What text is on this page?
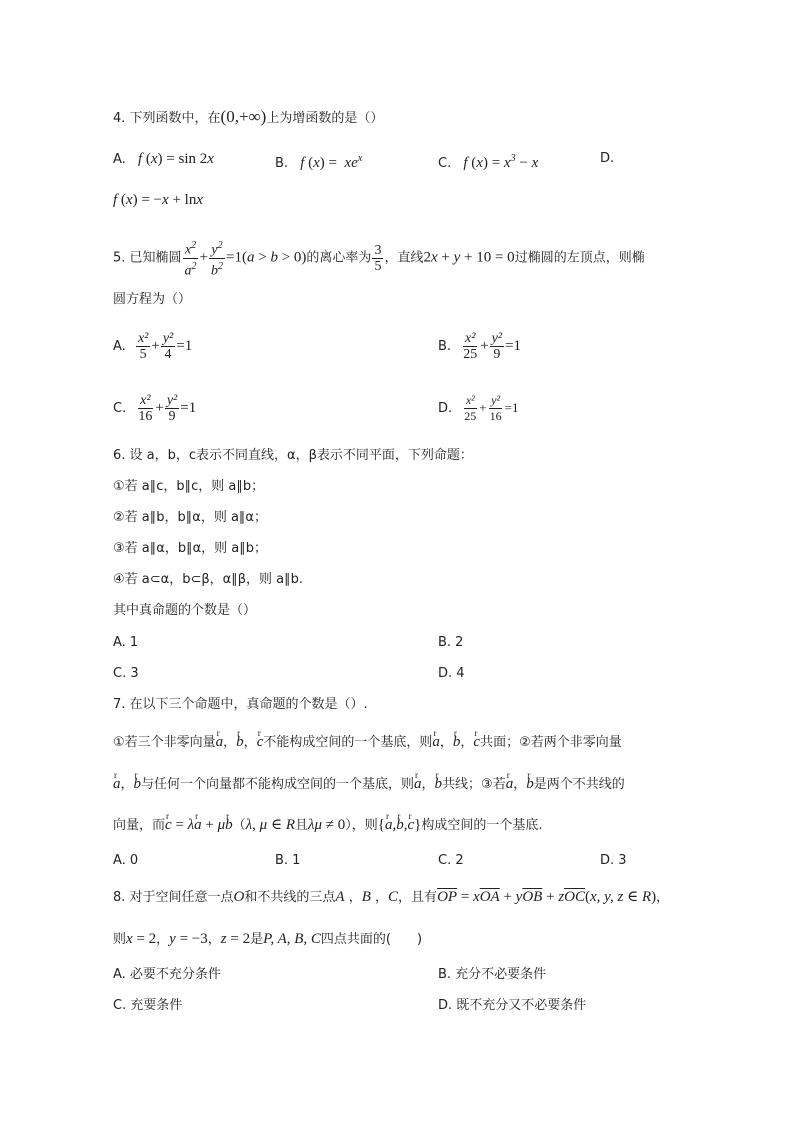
4. 下列函数中，在(0,+∞)上为增函数的是（）
A. f (x) = sin 2x	B. f $(x) = xe^x$	C. f $(x) = x^3 - x$	D.
f (x) = −x + lnx
5. 已知椭圆 $\frac{x^2}{a^2} + \frac{y^2}{b^2} =1(a > b > 0)$的离心率为 $\frac{3}{5}$ ，直线2x + y + 10 = 0过椭圆的左顶点，则椭
圆方程为（）
A. $\frac{\text{x²}}{5} + \frac{\text{y²}}{4} =1$	B. $\frac{\text{x²}}{25} + \frac{\text{y²}}{9} =1$
C. $\frac{\text{x²}}{16} + \frac{\text{y²}}{9} =1$	D. $\frac{\text{x²}}{25} + \frac{\text{y²}}{16} =1$
6. 设 a，b，c表示不同直线，α，β表示不同平面，下列命题：
①若 a∥c，b∥c，则 a∥b；
②若 a∥b，b∥α，则 a∥α；
③若 a∥α，b∥α，则 a∥b；
④若 a⊂α，b⊂β，α∥β，则 a∥b.
其中真命题的个数是（）
A. 1	B. 2
C. 3	D. 4
7. 在以下三个命题中，真命题的个数是（）.
①若三个非零向量r a，r b，r c不能构成空间的一个基底，则r a，r b，r c共面；②若两个非零向量
r a，r b与任何一个向量都不能构成空间的一个基底，则r a，r b共线；③若r a，r b是两个不共线的
向量，而r c = λr a + μr b（λ, μ ∈ R且λμ ≠ 0），则{r a,r b,r c}构成空间的一个基底.
A. 0	B. 1	C. 2	D. 3
8. 对于空间任意一点O和不共线的三点A ，B ，C，且有$\overline{OP} = x\overline{OA} + y\overline{OB} + z\overline{OC}(x$, y, z ∈ R)，
则x = 2，y = −3，z = 2是P, A, B, C四点共面的(　　)
A. 必要不充分条件	B. 充分不必要条件
C. 充要条件	D. 既不充分又不必要条件
